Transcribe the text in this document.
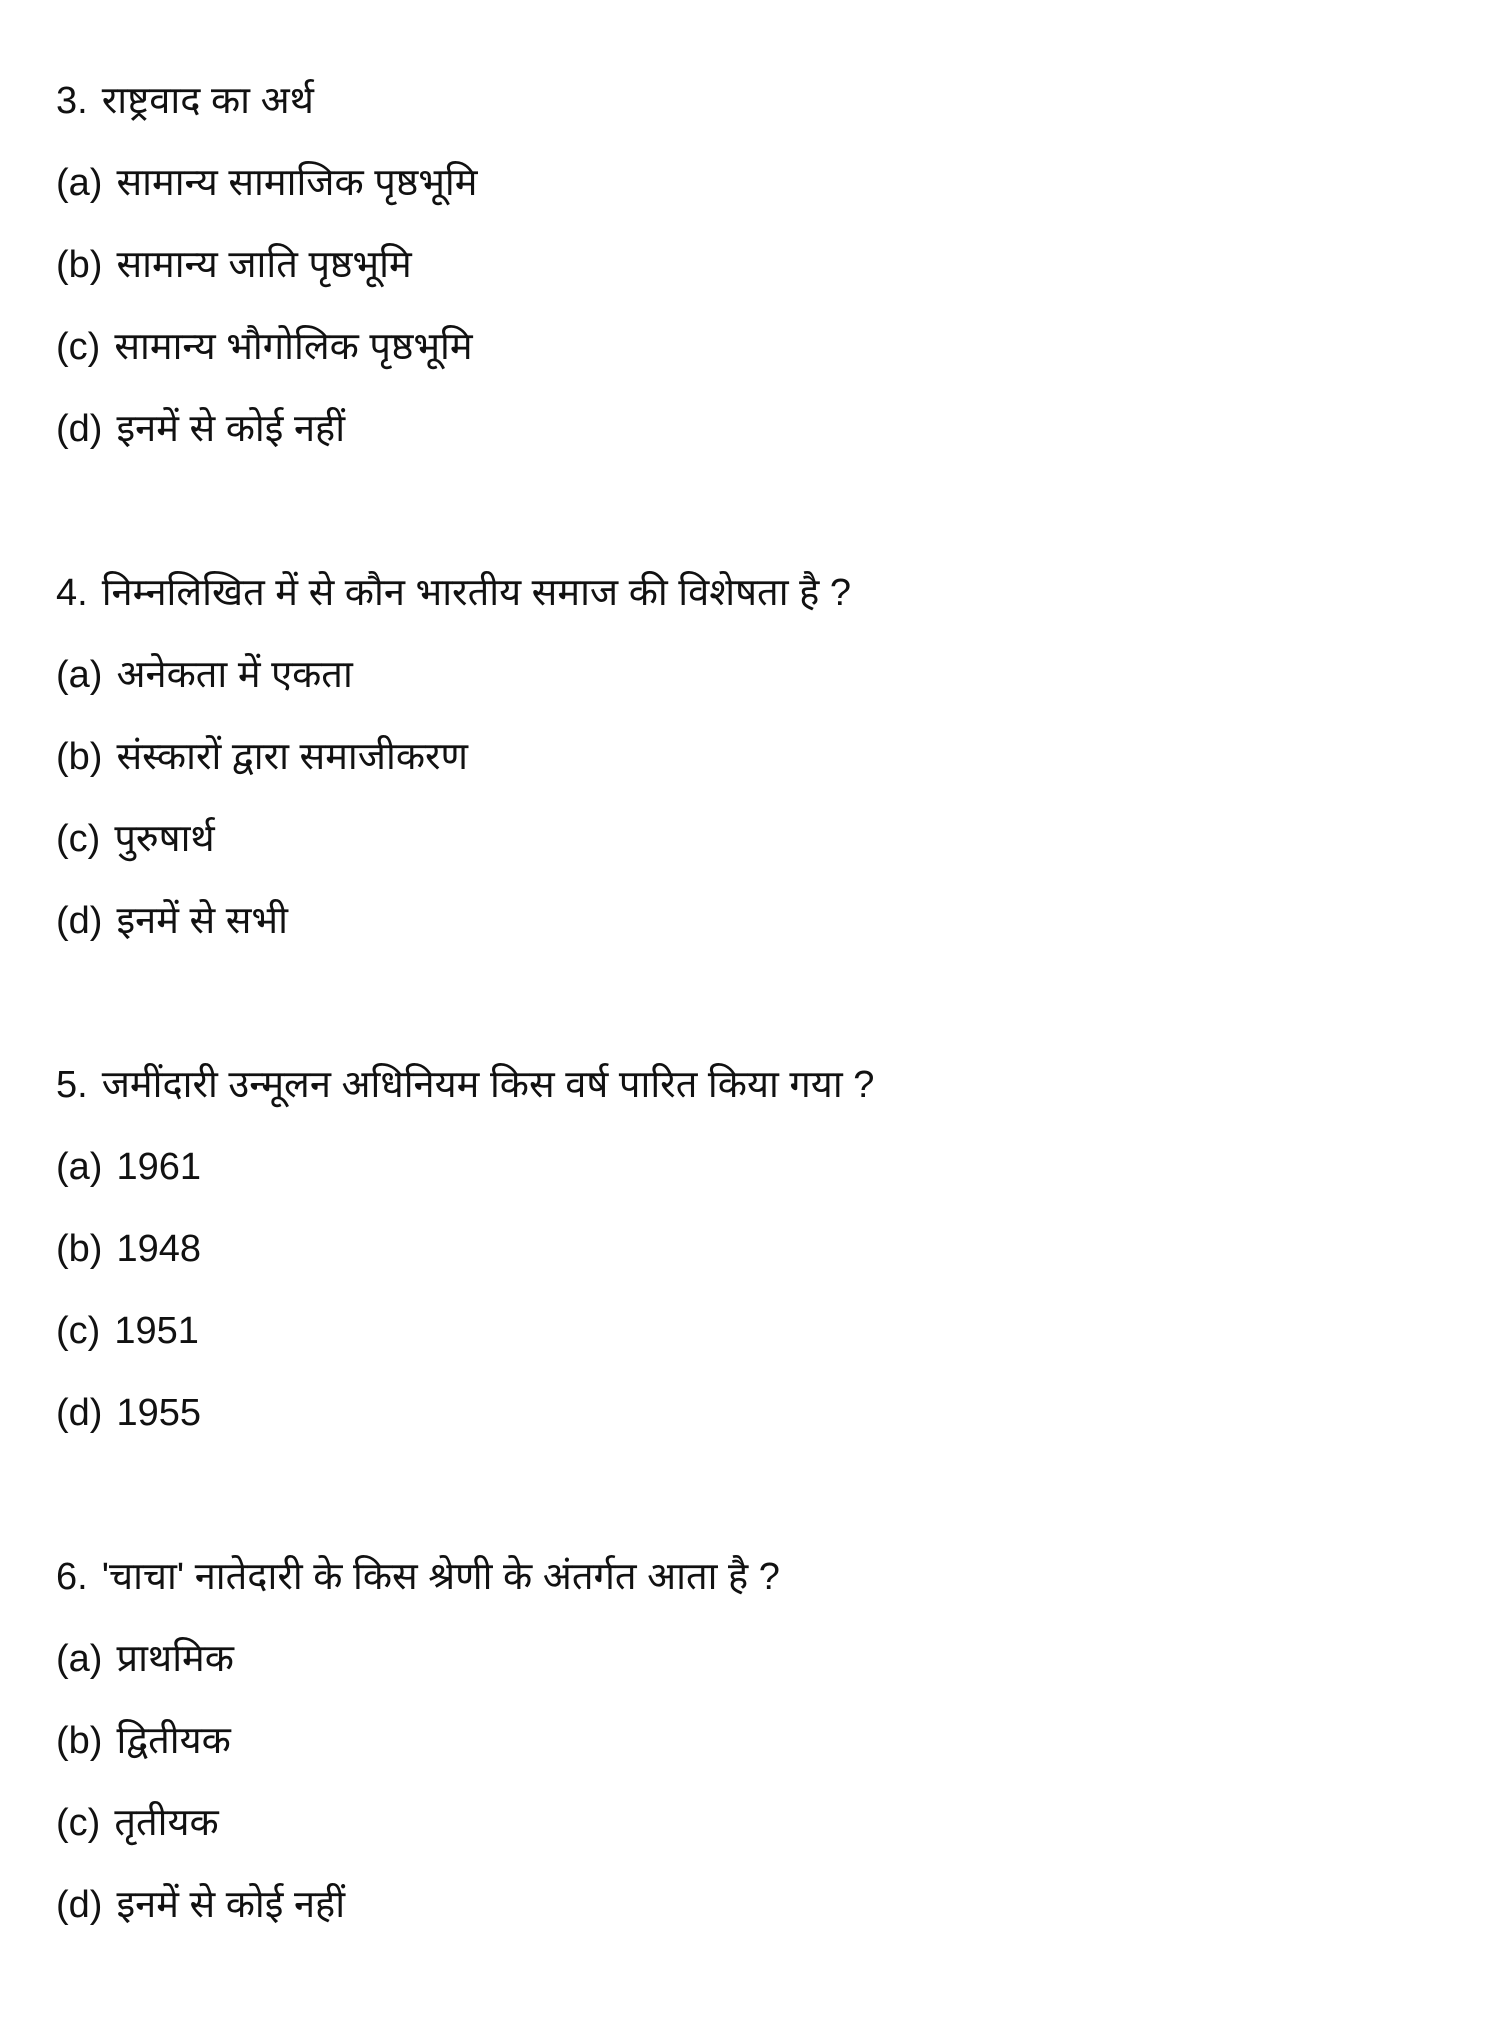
3. राष्ट्रवाद का अर्थ
(a) सामान्य सामाजिक पृष्ठभूमि
(b) सामान्य जाति पृष्ठभूमि
(c) सामान्य भौगोलिक पृष्ठभूमि
(d) इनमें से कोई नहीं
4. निम्नलिखित में से कौन भारतीय समाज की विशेषता है ?
(a) अनेकता में एकता
(b) संस्कारों द्वारा समाजीकरण
(c) पुरुषार्थ
(d) इनमें से सभी
5. जमींदारी उन्मूलन अधिनियम किस वर्ष पारित किया गया ?
(a) 1961
(b) 1948
(c) 1951
(d) 1955
6. 'चाचा' नातेदारी के किस श्रेणी के अंतर्गत आता है ?
(a) प्राथमिक
(b) द्वितीयक
(c) तृतीयक
(d) इनमें से कोई नहीं
